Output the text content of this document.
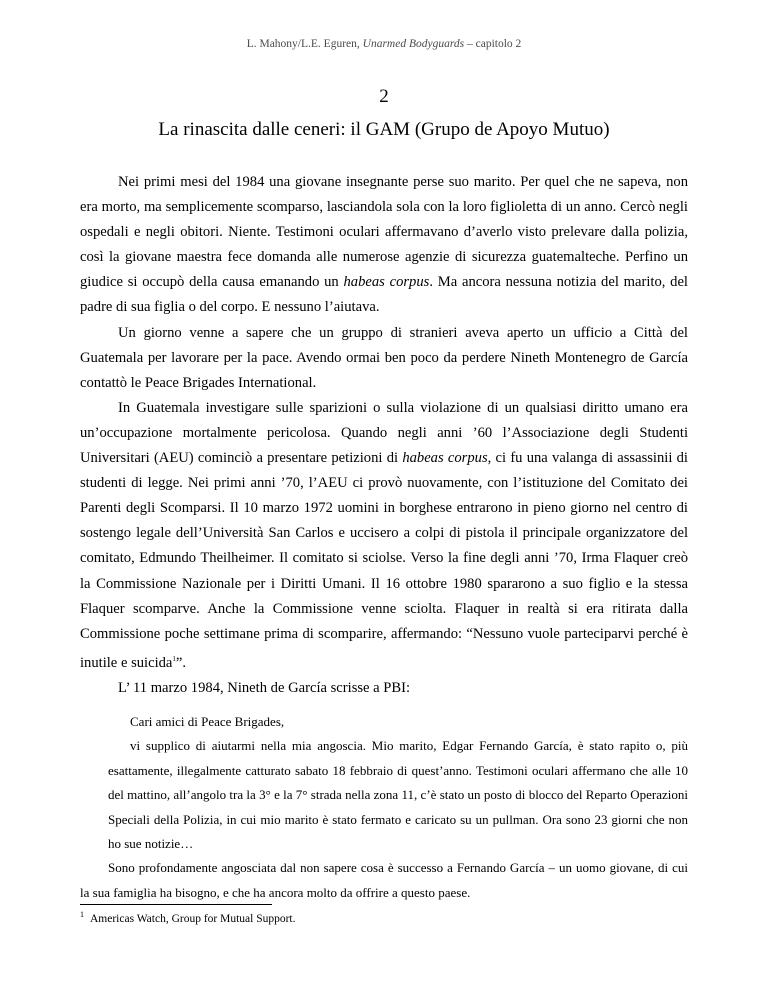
L. Mahony/L.E. Eguren, Unarmed Bodyguards – capitolo 2
2
La rinascita dalle ceneri: il GAM (Grupo de Apoyo Mutuo)

Nei primi mesi del 1984 una giovane insegnante perse suo marito. Per quel che ne sapeva, non era morto, ma semplicemente scomparso, lasciandola sola con la loro figlioletta di un anno. Cercò negli ospedali e negli obitori. Niente. Testimoni oculari affermavano d’averlo visto prelevare dalla polizia, così la giovane maestra fece domanda alle numerose agenzie di sicurezza guatemalteche. Perfino un giudice si occupò della causa emanando un habeas corpus. Ma ancora nessuna notizia del marito, del padre di sua figlia o del corpo. E nessuno l’aiutava.

Un giorno venne a sapere che un gruppo di stranieri aveva aperto un ufficio a Città del Guatemala per lavorare per la pace. Avendo ormai ben poco da perdere Nineth Montenegro de García contattò le Peace Brigades International.

In Guatemala investigare sulle sparizioni o sulla violazione di un qualsiasi diritto umano era un’occupazione mortalmente pericolosa. Quando negli anni ’60 l’Associazione degli Studenti Universitari (AEU) cominciò a presentare petizioni di habeas corpus, ci fu una valanga di assassinii di studenti di legge. Nei primi anni ’70, l’AEU ci provò nuovamente, con l’istituzione del Comitato dei Parenti degli Scomparsi. Il 10 marzo 1972 uomini in borghese entrarono in pieno giorno nel centro di sostengo legale dell’Università San Carlos e uccisero a colpi di pistola il principale organizzatore del comitato, Edmundo Theilheimer. Il comitato si sciolse. Verso la fine degli anni ’70, Irma Flaquer creò la Commissione Nazionale per i Diritti Umani. Il 16 ottobre 1980 spararono a suo figlio e la stessa Flaquer scomparve. Anche la Commissione venne sciolta. Flaquer in realtà si era ritirata dalla Commissione poche settimane prima di scomparire, affermando: “Nessuno vuole parteciparvi perché è inutile e suicida$^1$”.

L’ 11 marzo 1984, Nineth de García scrisse a PBI:

Cari amici di Peace Brigades,

vi supplico di aiutarmi nella mia angoscia. Mio marito, Edgar Fernando García, è stato rapito o, più esattamente, illegalmente catturato sabato 18 febbraio di quest’anno. Testimoni oculari affermano che alle 10 del mattino, all’angolo tra la 3° e la 7° strada nella zona 11, c’è stato un posto di blocco del Reparto Operazioni Speciali della Polizia, in cui mio marito è stato fermato e caricato su un pullman. Ora sono 23 giorni che non ho sue notizie…

Sono profondamente angosciata dal non sapere cosa è successo a Fernando García – un uomo giovane, di cui la sua famiglia ha bisogno, e che ha ancora molto da offrire a questo paese.

$^1$ Americas Watch, Group for Mutual Support.
